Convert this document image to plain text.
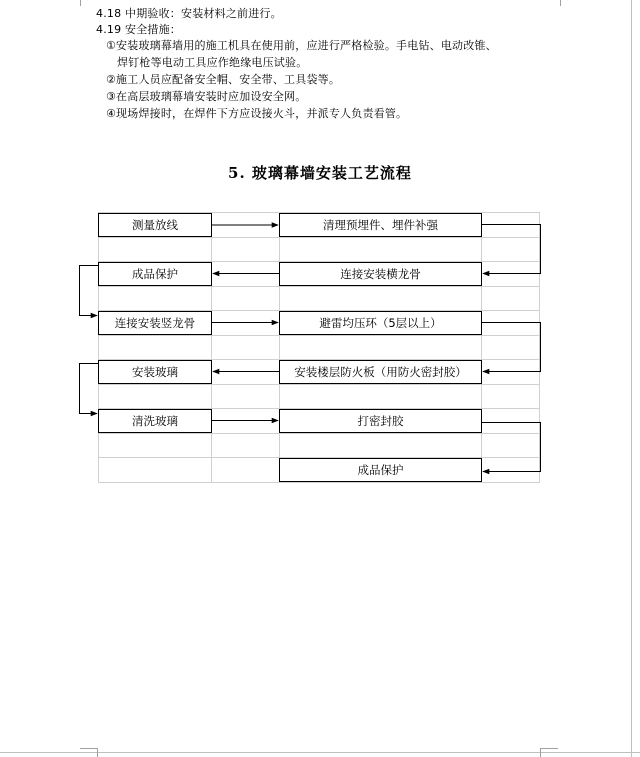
4.18 中期验收：安装材料之前进行。
4.19 安全措施：
①安装玻璃幕墙用的施工机具在使用前，应进行严格检验。手电钻、电动改锥、
焊钉枪等电动工具应作绝缘电压试验。
②施工人员应配备安全帽、安全带、工具袋等。
③在高层玻璃幕墙安装时应加设安全网。
④现场焊接时，在焊件下方应设接火斗，并派专人负责看管。
5. 玻璃幕墙安装工艺流程
测量放线	清理预埋件、埋件补强
连接安装横龙骨
成品保护
连接安装竖龙骨	避雷均压环（5层以上）
安装楼层防火板（用防火密封胶）
安装玻璃
清洗玻璃	打密封胶
成品保护
